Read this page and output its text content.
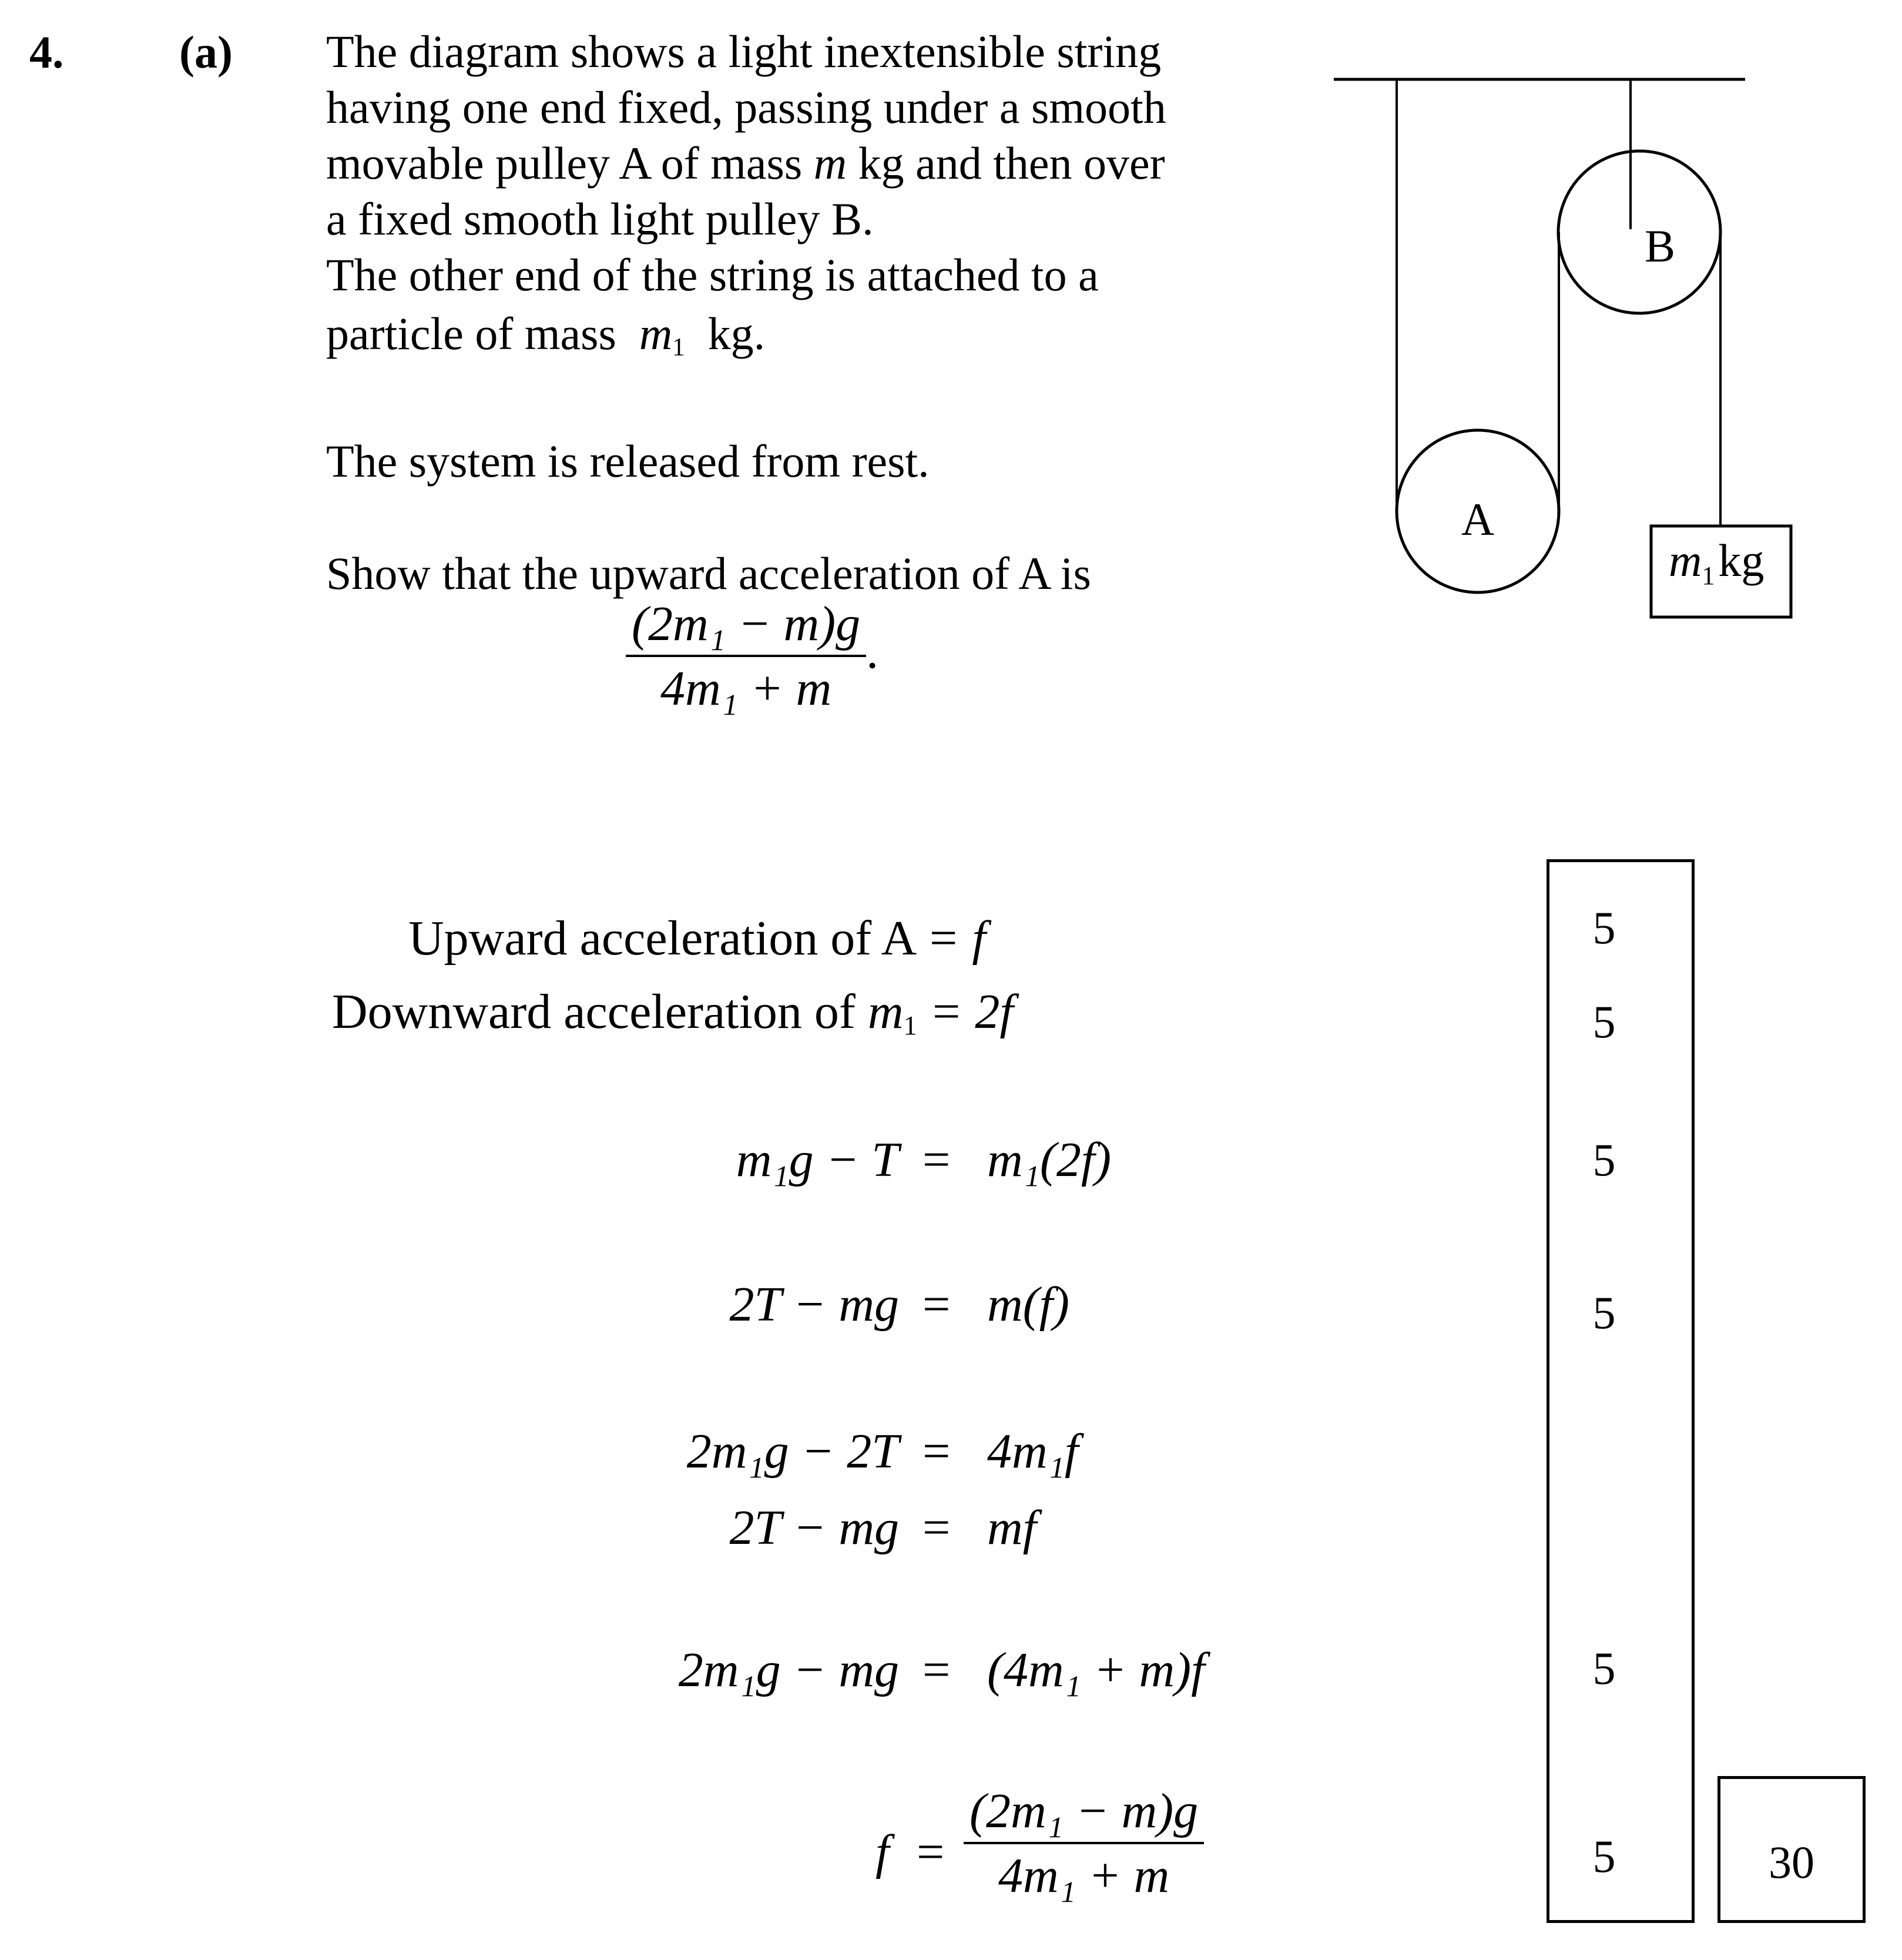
4.	(a) The diagram shows a light inextensible string
having one end fixed, passing under a smooth
movable pulley A of mass m kg and then over
a fixed smooth light pulley B.
The other end of the string is attached to a
particle of mass $m_1$ kg.
The system is released from rest.
Show that the upward acceleration of A is
$\frac{\text{(2m₁ − m)g}}{\text{4m₁ + m}}$ .
A
B
m1kg
Upward acceleration of A = f
Downward acceleration of $m_1 = 2f$
m₁g − T = m₁(2f)
2T − mg = m(f)
2m₁g − 2T = 4m₁f
2T − mg = mf
2m₁g − mg = (4m₁ + m)f
$f = \frac{\text{(2m₁ − m)g}}{\text{4m₁ + m}}$
5
5
5
5
5
5	30
